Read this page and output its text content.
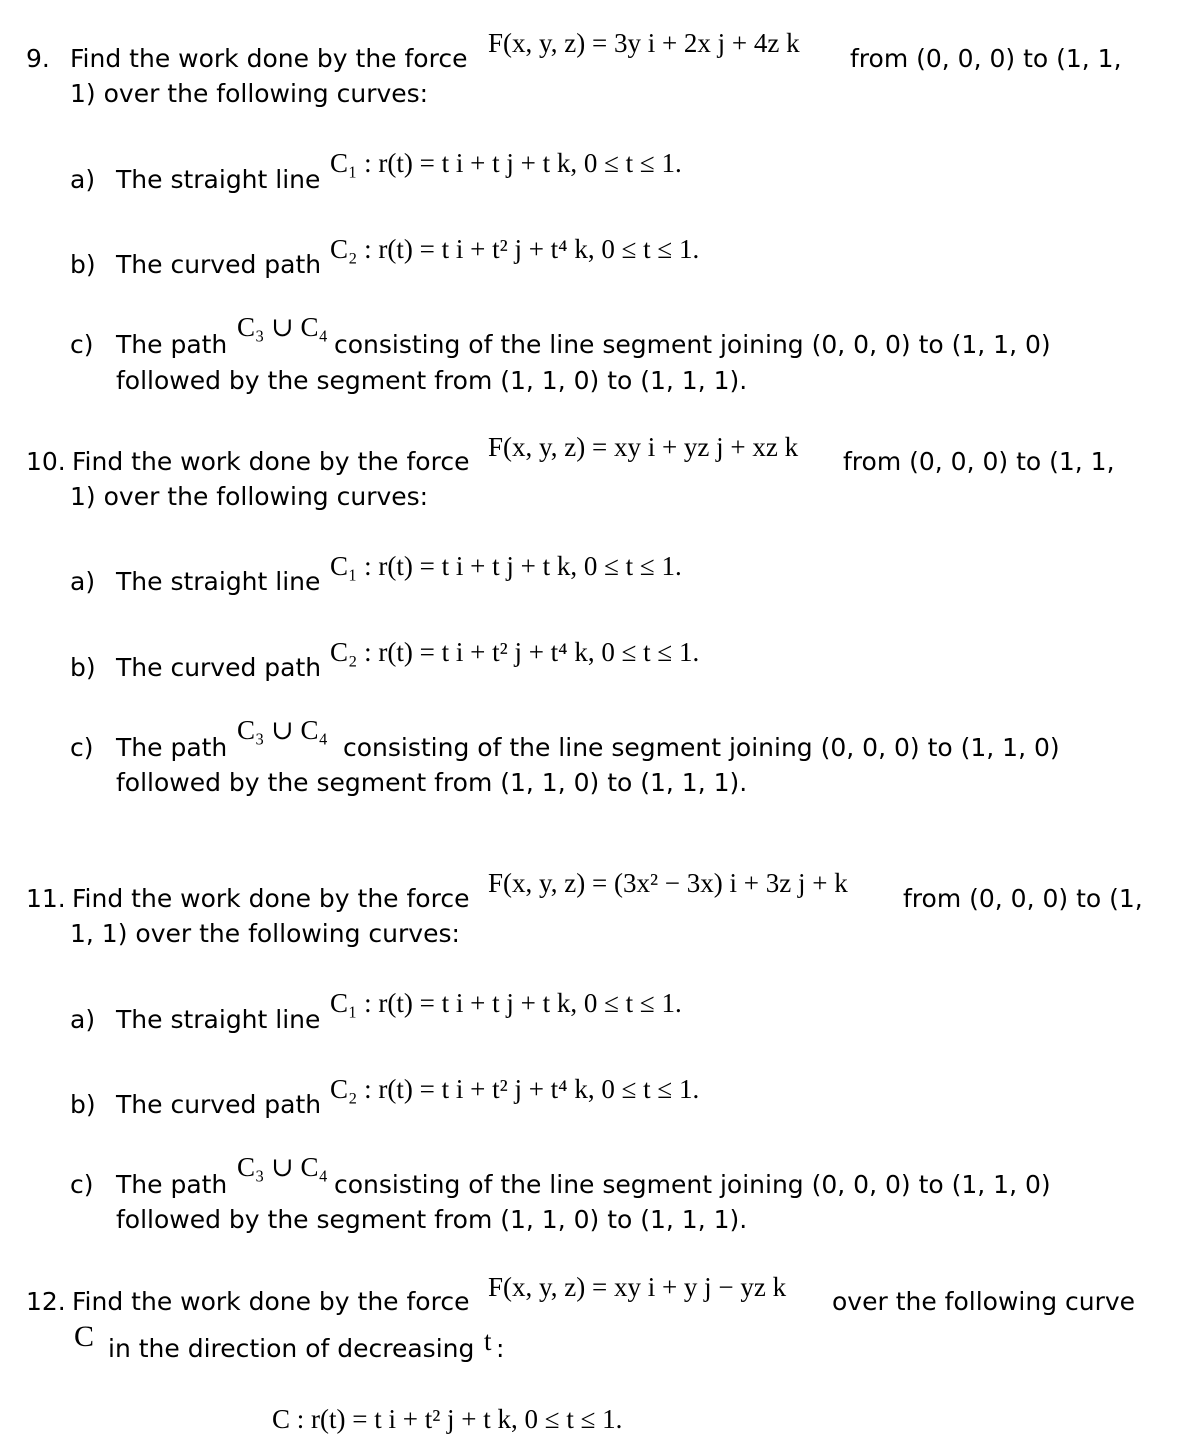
9. Find the work done by the force
F(x, y, z) = 3y i + 2x j + 4z k
from (0, 0, 0) to (1, 1,
1) over the following curves:
a) The straight line
C₁ : r(t) = t i + t j + t k, 0 ≤ t ≤ 1.
b) The curved path
C₂ : r(t) = t i + t² j + t⁴ k, 0 ≤ t ≤ 1.
c) The path
C₃ ∪ C₄
consisting of the line segment joining (0, 0, 0) to (1, 1, 0)
followed by the segment from (1, 1, 0) to (1, 1, 1).
10. Find the work done by the force F(x, y, z) = xy i + yz j + xz k from (0, 0, 0) to (1, 1,
1) over the following curves:
a) The straight line
C₁ : r(t) = t i + t j + t k, 0 ≤ t ≤ 1.
b) The curved path
C₂ : r(t) = t i + t² j + t⁴ k, 0 ≤ t ≤ 1.
c) The path
C₃ ∪ C₄
consisting of the line segment joining (0, 0, 0) to (1, 1, 0)
followed by the segment from (1, 1, 0) to (1, 1, 1).
11. Find the work done by the force
F(x, y, z) = (3x² − 3x) i + 3z j + k
from (0, 0, 0) to (1,
1, 1) over the following curves:
a) The straight line
C₁ : r(t) = t i + t j + t k, 0 ≤ t ≤ 1.
b) The curved path
C₂ : r(t) = t i + t² j + t⁴ k, 0 ≤ t ≤ 1.
c) The path
C₃ ∪ C₄
consisting of the line segment joining (0, 0, 0) to (1, 1, 0)
followed by the segment from (1, 1, 0) to (1, 1, 1).
12. Find the work done by the force F(x, y, z) = xy i + y j − yz k over the following curve
C in the direction of decreasing t :
C : r(t) = t i + t² j + t k, 0 ≤ t ≤ 1.
